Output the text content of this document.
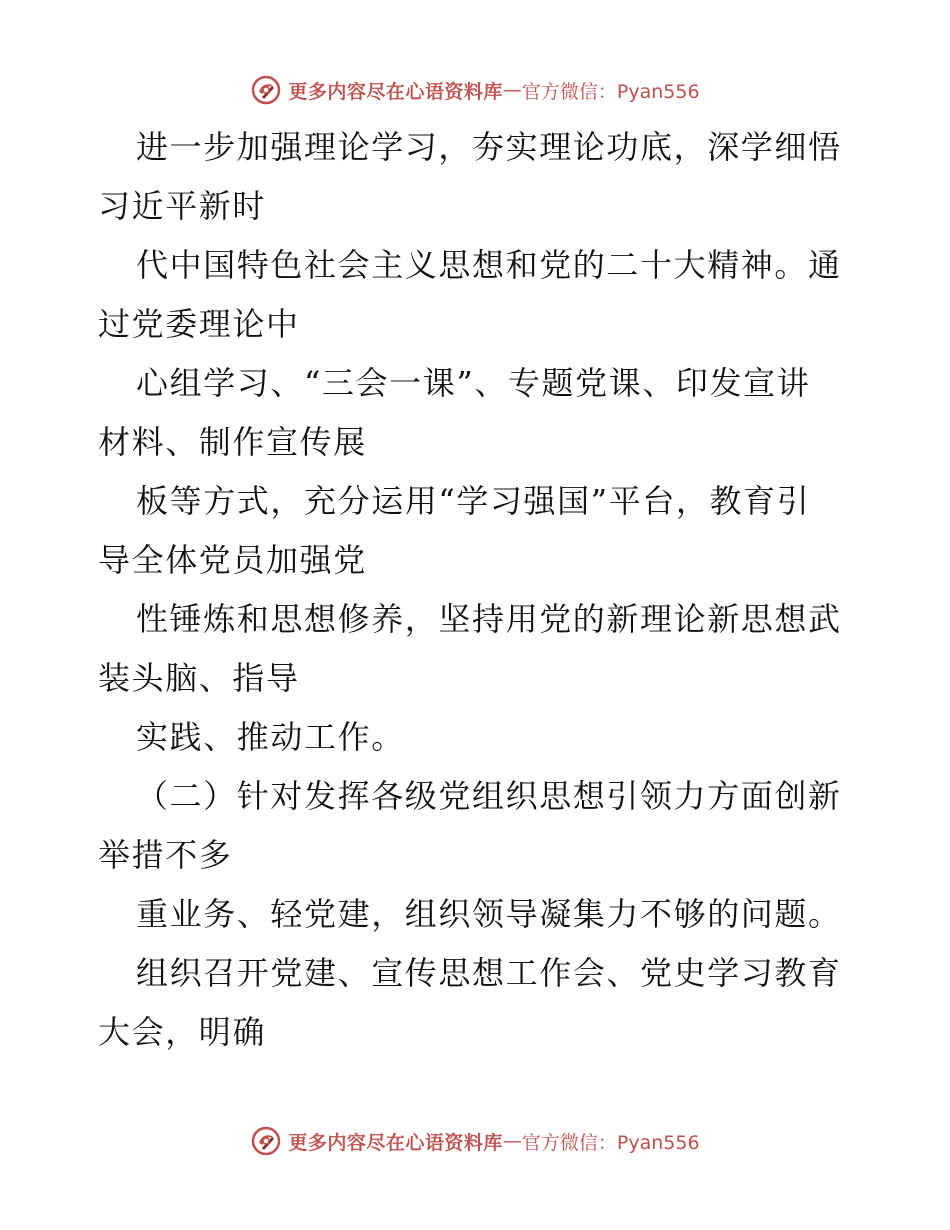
更多内容尽在心语资料库 — 官方微信：Pyan556
进一步加强理论学习，夯实理论功底，深学细悟
习近平新时
代中国特色社会主义思想和党的二十大精神。通
过党委理论中
心组学习、“三会一课”、专题党课、印发宣讲
材料、制作宣传展
板等方式，充分运用“学习强国”平台，教育引
导全体党员加强党
性锤炼和思想修养，坚持用党的新理论新思想武
装头脑、指导
实践、推动工作。
（二）针对发挥各级党组织思想引领力方面创新
举措不多
重业务、轻党建，组织领导凝集力不够的问题。
组织召开党建、宣传思想工作会、党史学习教育
大会，明确
更多内容尽在心语资料库 — 官方微信：Pyan556
